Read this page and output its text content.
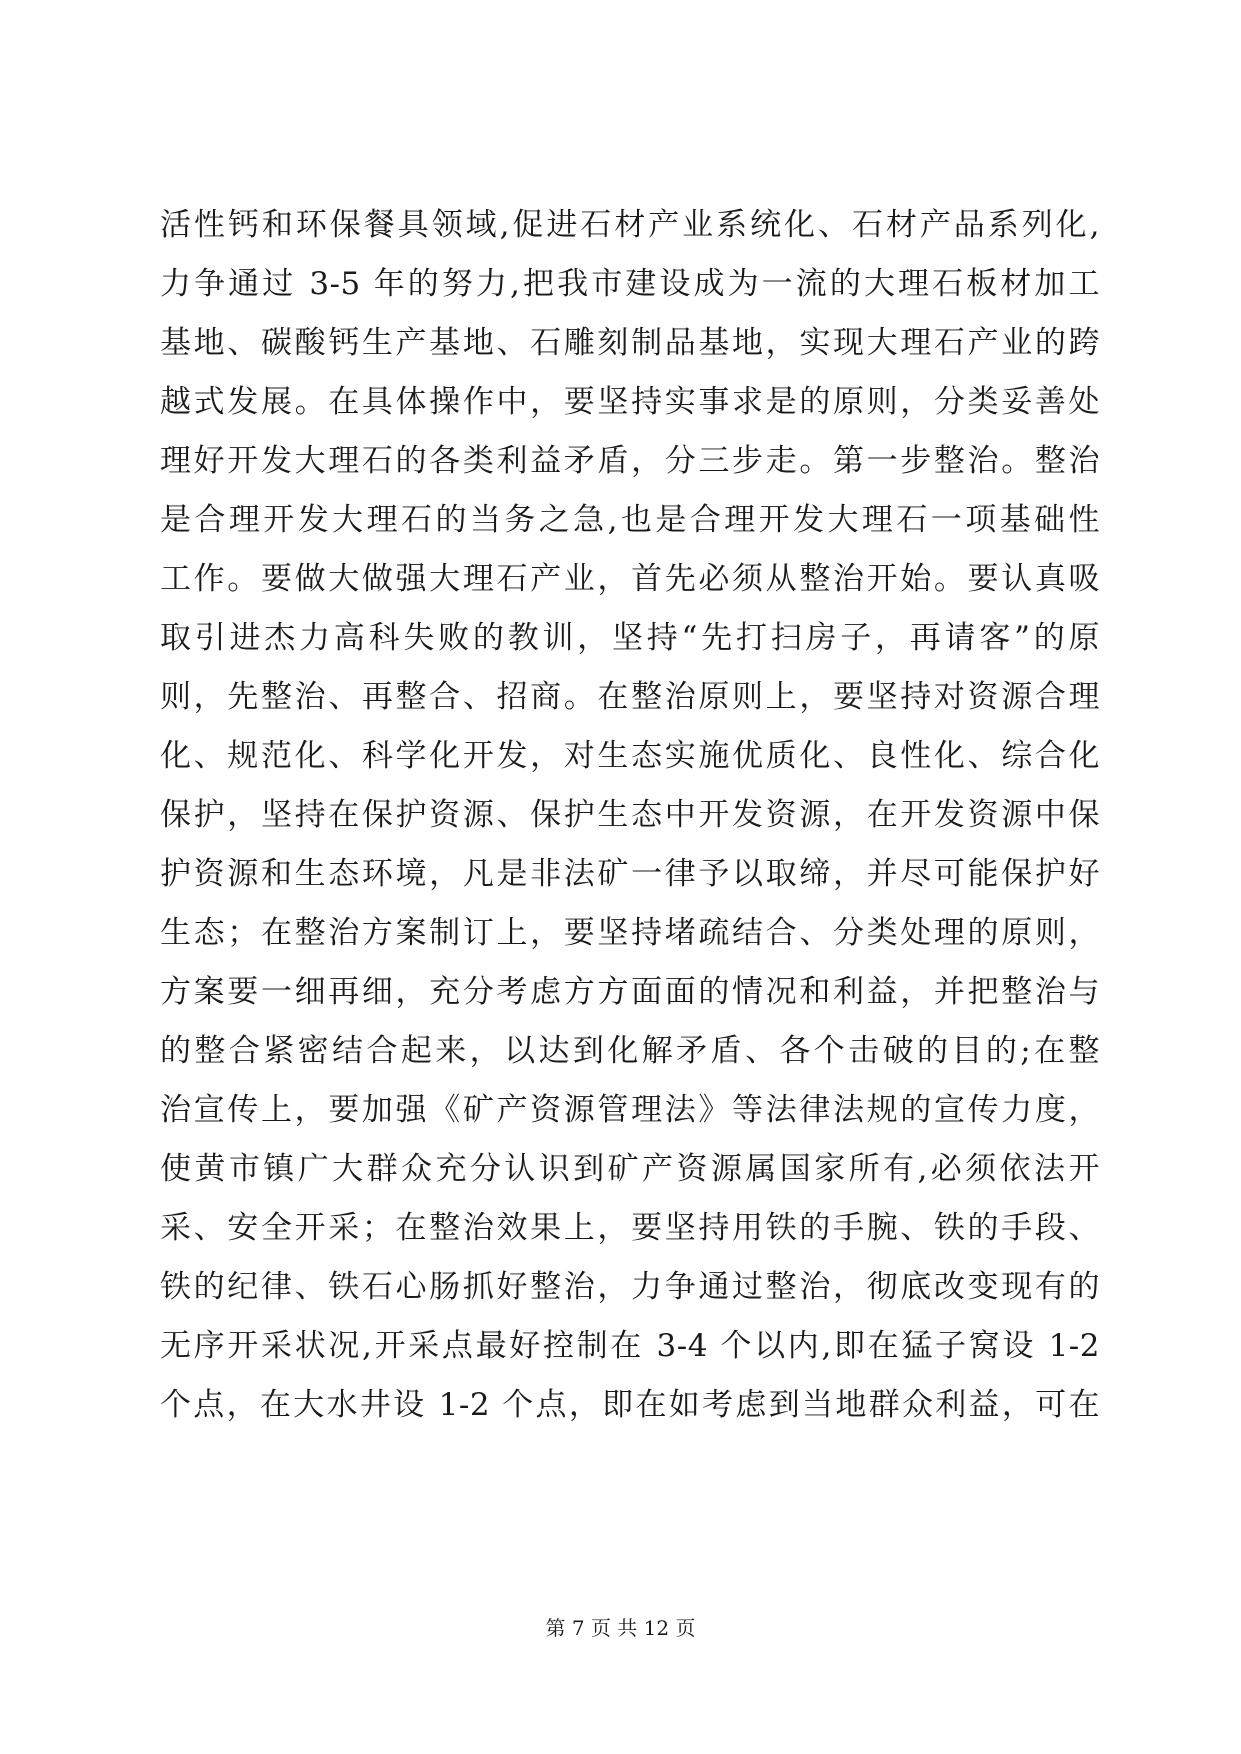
活性钙和环保餐具领域,促进石材产业系统化、石材产品系列化,
力争通过 3-5 年的努力,把我市建设成为一流的大理石板材加工
基地、碳酸钙生产基地、石雕刻制品基地，实现大理石产业的跨
越式发展。在具体操作中，要坚持实事求是的原则，分类妥善处
理好开发大理石的各类利益矛盾，分三步走。第一步整治。整治
是合理开发大理石的当务之急,也是合理开发大理石一项基础性
工作。要做大做强大理石产业，首先必须从整治开始。要认真吸
取引进杰力高科失败的教训，坚持“先打扫房子，再请客”的原
则，先整治、再整合、招商。在整治原则上，要坚持对资源合理
化、规范化、科学化开发，对生态实施优质化、良性化、综合化
保护，坚持在保护资源、保护生态中开发资源，在开发资源中保
护资源和生态环境，凡是非法矿一律予以取缔，并尽可能保护好
生态；在整治方案制订上，要坚持堵疏结合、分类处理的原则，
方案要一细再细，充分考虑方方面面的情况和利益，并把整治与
的整合紧密结合起来，以达到化解矛盾、各个击破的目的;在整
治宣传上，要加强《矿产资源管理法》等法律法规的宣传力度，
使黄市镇广大群众充分认识到矿产资源属国家所有,必须依法开
采、安全开采；在整治效果上，要坚持用铁的手腕、铁的手段、
铁的纪律、铁石心肠抓好整治，力争通过整治，彻底改变现有的
无序开采状况,开采点最好控制在 3-4 个以内,即在猛子窝设 1-2
个点，在大水井设 1-2 个点，即在如考虑到当地群众利益，可在
第 7 页 共 12 页
